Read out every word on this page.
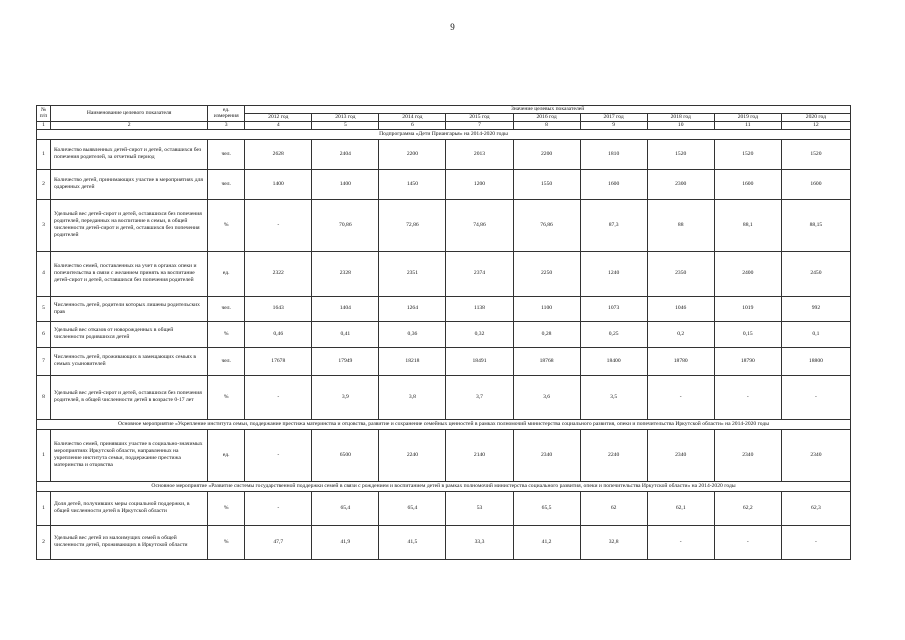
9
№ п/п	Наименование целевого показателя	ед. измерения	Значение целевых показателей								
			2012 год	2013 год	2014 год	2015 год	2016 год	2017 год	2018 год	2019 год	2020 год
1	2	3	4	5	6	7	8	9	10	11	12
Подпрограмма «Дети Приангарья» на 2014-2020 годы											
1	Количество выявленных детей-сирот и детей, оставшихся без попечения родителей, за отчетный период	чел.	2628	2404	2200	2013	2200	1810	1520	1520	1520
2	Количество детей, принимающих участие в мероприятиях для одаренных детей	чел.	1400	1400	1450	1200	1550	1600	2300	1600	1600
3	Удельный вес детей-сирот и детей, оставшихся без попечения родителей, переданных на воспитание в семьи, в общей численности детей-сирот и детей, оставшихся без попечения родителей	%	-	70,86	72,86	74,86	76,86	87,3	88	88,1	88,15
4	Количество семей, поставленных на учет в органах опеки и попечительства в связи с желанием принять на воспитание детей-сирот и детей, оставшихся без попечения родителей	ед.	2322	2328	2351	2374	2250	1240	2350	2400	2450
5	Численность детей, родители которых лишены родительских прав	чел.	1643	1404	1264	1138	1100	1073	1046	1019	992
6	Удельный вес отказов от новорожденных в общей численности родившихся детей	%	0,46	0,41	0,36	0,32	0,28	0,25	0,2	0,15	0,1
7	Численность детей, проживающих в замещающих семьях в семьях усыновителей	чел.	17678	17949	18218	18491	18768	18400	18780	18790	18800
8	Удельный вес детей-сирот и детей, оставшихся без попечения родителей, в общей численности детей в возрасте 0-17 лет	%	-	3,9	3,8	3,7	3,6	3,5	-	-	-
Основное мероприятие «Укрепление института семьи, поддержание престижа материнства и отцовства, развитие и сохранение семейных ценностей в рамках полномочий министерства социального развития, опеки и попечительства Иркутской области» на 2014-2020 годы											
1	Количество семей, принявших участие в социально-значимых мероприятиях Иркутской области, направленных на укрепление института семьи, поддержание престижа материнства и отцовства	ед.	-	6500	2240	2140	2340	2240	2340	2340	2340
Основное мероприятие «Развитие системы государственной поддержки семей в связи с рождением и воспитанием детей в рамках полномочий министерства социального развития, опеки и попечительства Иркутской области» на 2014-2020 годы											
1	Доля детей, получивших меры социальной поддержки, в общей численности детей в Иркутской области	%	-	65,4	65,4	53	65,5	62	62,1	62,2	62,3
2	Удельный вес детей из малоимущих семей в общей численности детей, проживающих в Иркутской области	%	47,7	41,9	41,5	33,3	41,2	32,8	-	-	-
